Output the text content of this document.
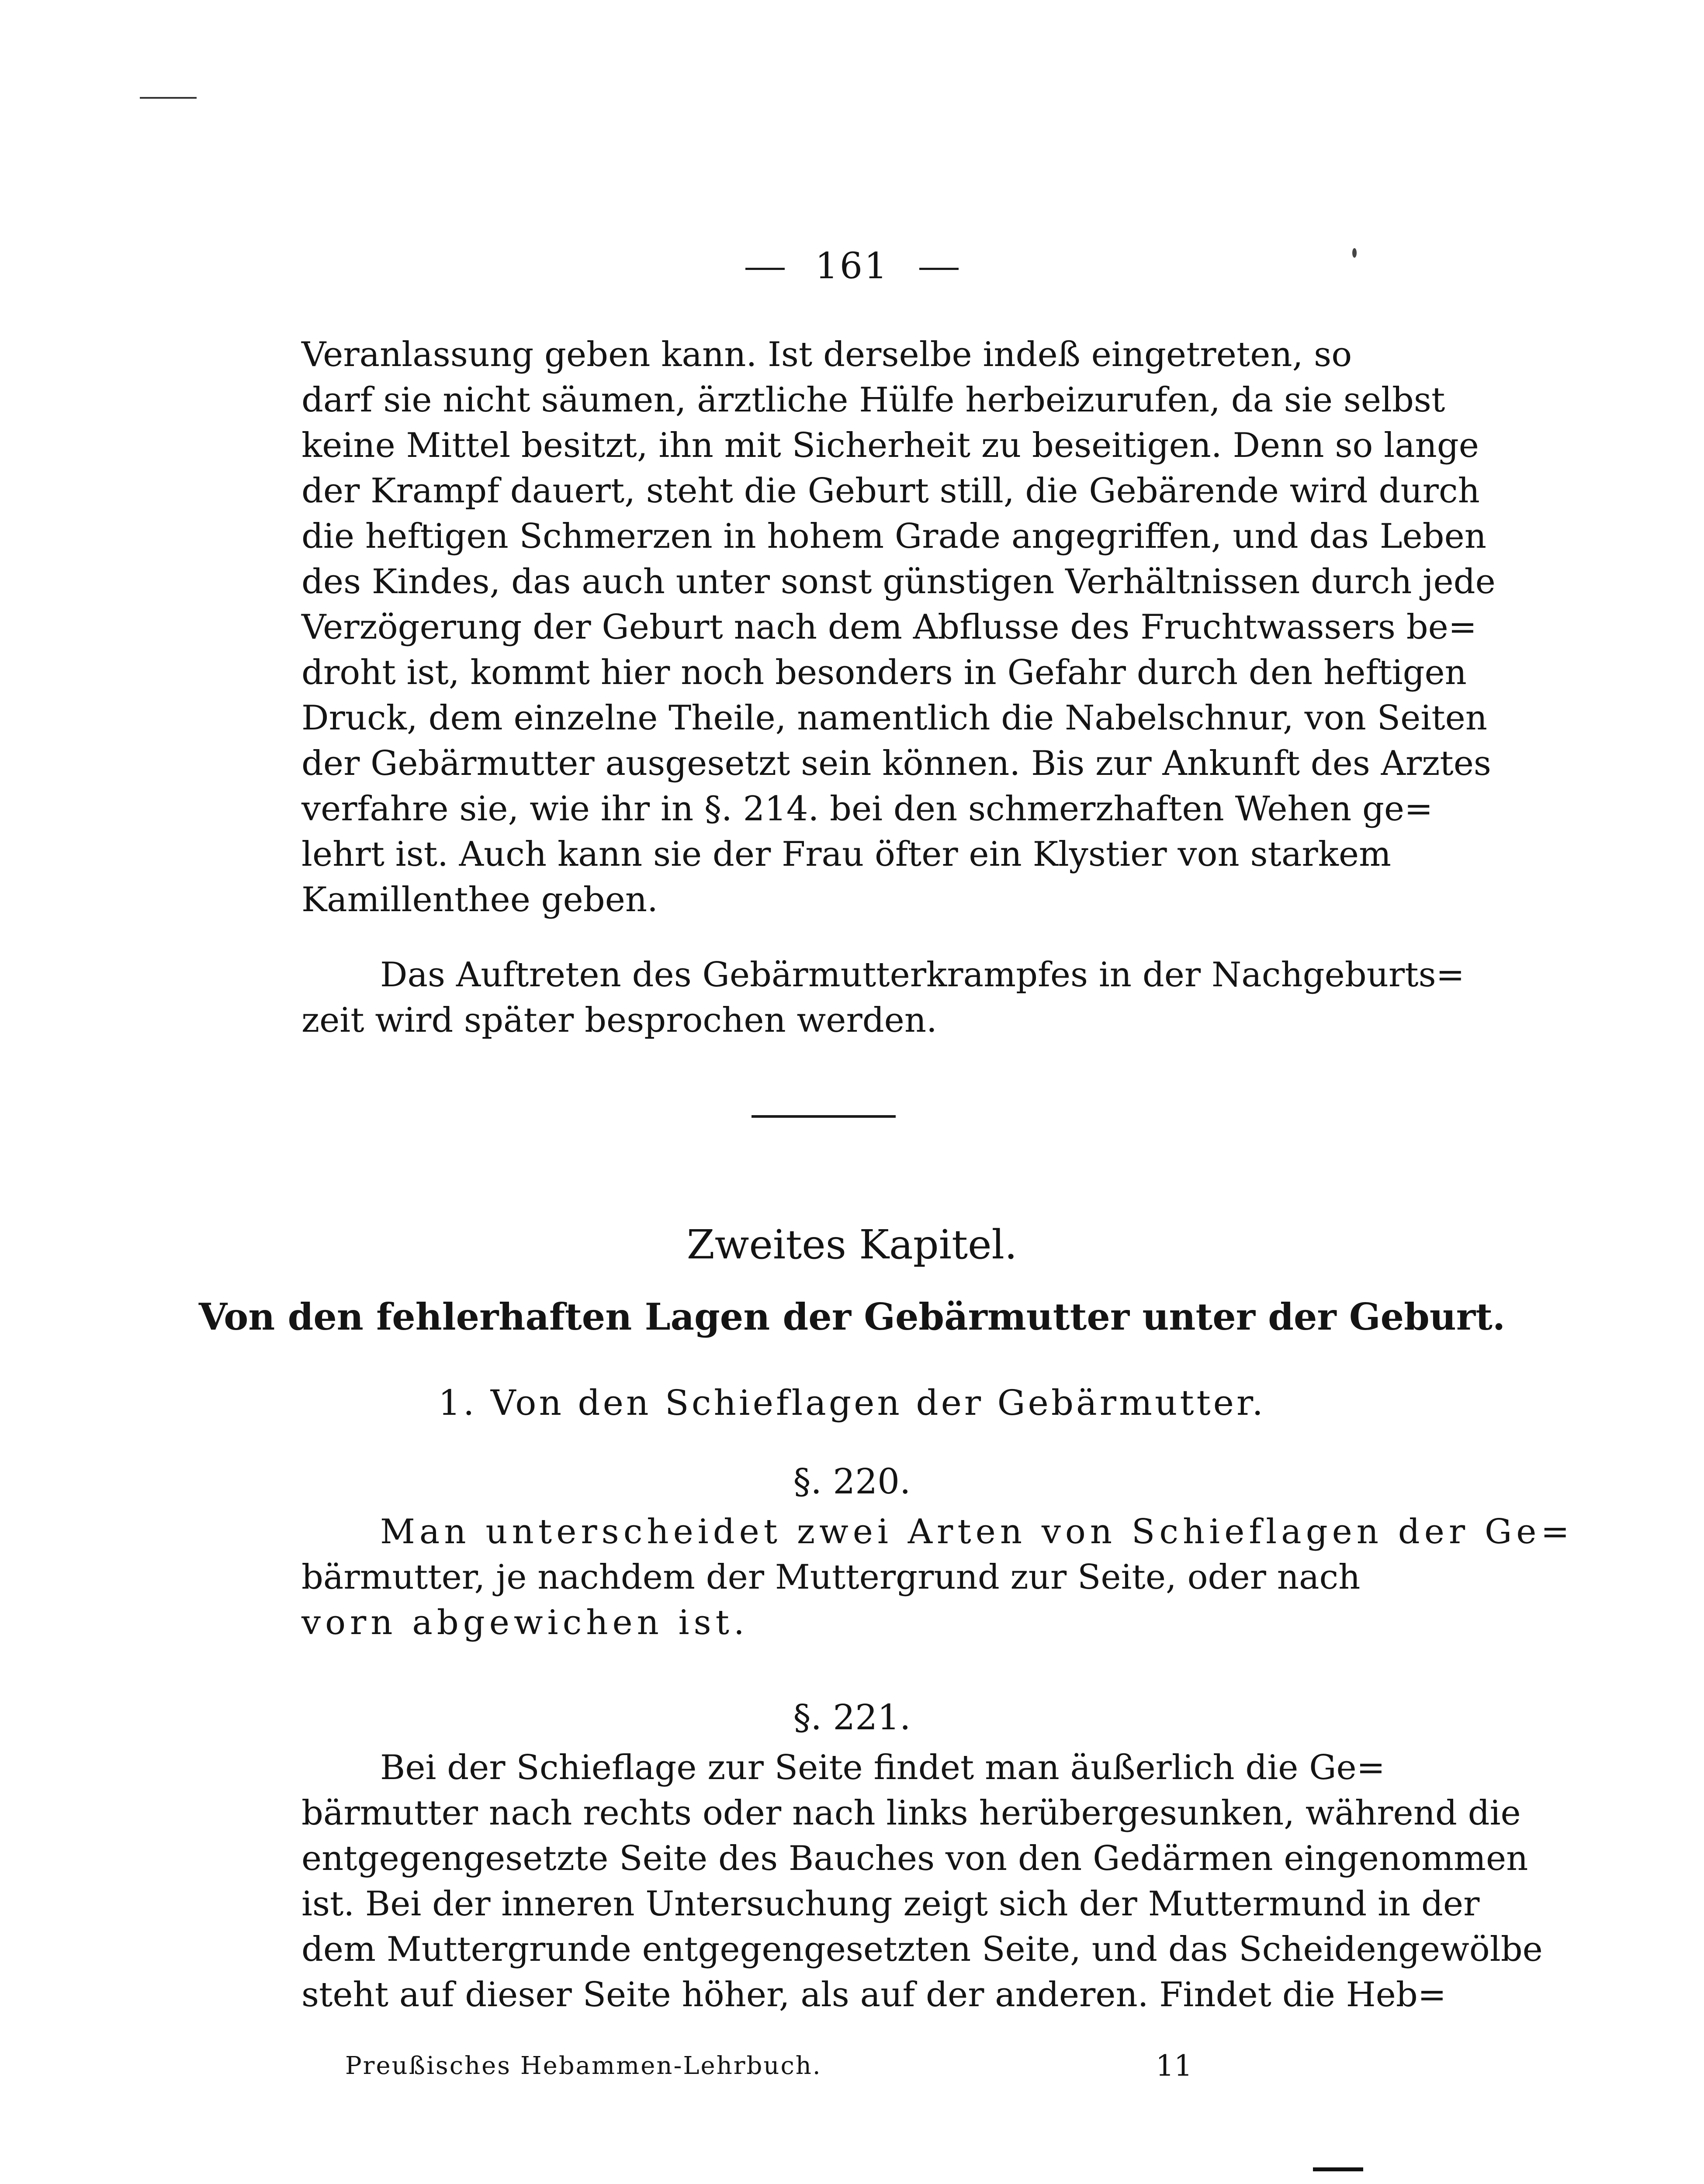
161
Veranlassung geben kann. Ist derselbe indeß eingetreten, so
darf sie nicht säumen, ärztliche Hülfe herbeizurufen, da sie selbst
keine Mittel besitzt, ihn mit Sicherheit zu beseitigen. Denn so lange
der Krampf dauert, steht die Geburt still, die Gebärende wird durch
die heftigen Schmerzen in hohem Grade angegriffen, und das Leben
des Kindes, das auch unter sonst günstigen Verhältnissen durch jede
Verzögerung der Geburt nach dem Abflusse des Fruchtwassers be=
droht ist, kommt hier noch besonders in Gefahr durch den heftigen
Druck, dem einzelne Theile, namentlich die Nabelschnur, von Seiten
der Gebärmutter ausgesetzt sein können. Bis zur Ankunft des Arztes
verfahre sie, wie ihr in §. 214. bei den schmerzhaften Wehen ge=
lehrt ist. Auch kann sie der Frau öfter ein Klystier von starkem
Kamillenthee geben.
Das Auftreten des Gebärmutterkrampfes in der Nachgeburts=
zeit wird später besprochen werden.
Zweites Kapitel.
Von den fehlerhaften Lagen der Gebärmutter unter der Geburt.
1. Von den Schieflagen der Gebärmutter.
§. 220.
Man unterscheidet zwei Arten von Schieflagen der Ge=
bärmutter, je nachdem der Muttergrund zur Seite, oder nach
vorn abgewichen ist.
§. 221.
Bei der Schieflage zur Seite findet man äußerlich die Ge=
bärmutter nach rechts oder nach links herübergesunken, während die
entgegengesetzte Seite des Bauches von den Gedärmen eingenommen
ist. Bei der inneren Untersuchung zeigt sich der Muttermund in der
dem Muttergrunde entgegengesetzten Seite, und das Scheidengewölbe
steht auf dieser Seite höher, als auf der anderen. Findet die Heb=
Preußisches Hebammen-Lehrbuch.	11
